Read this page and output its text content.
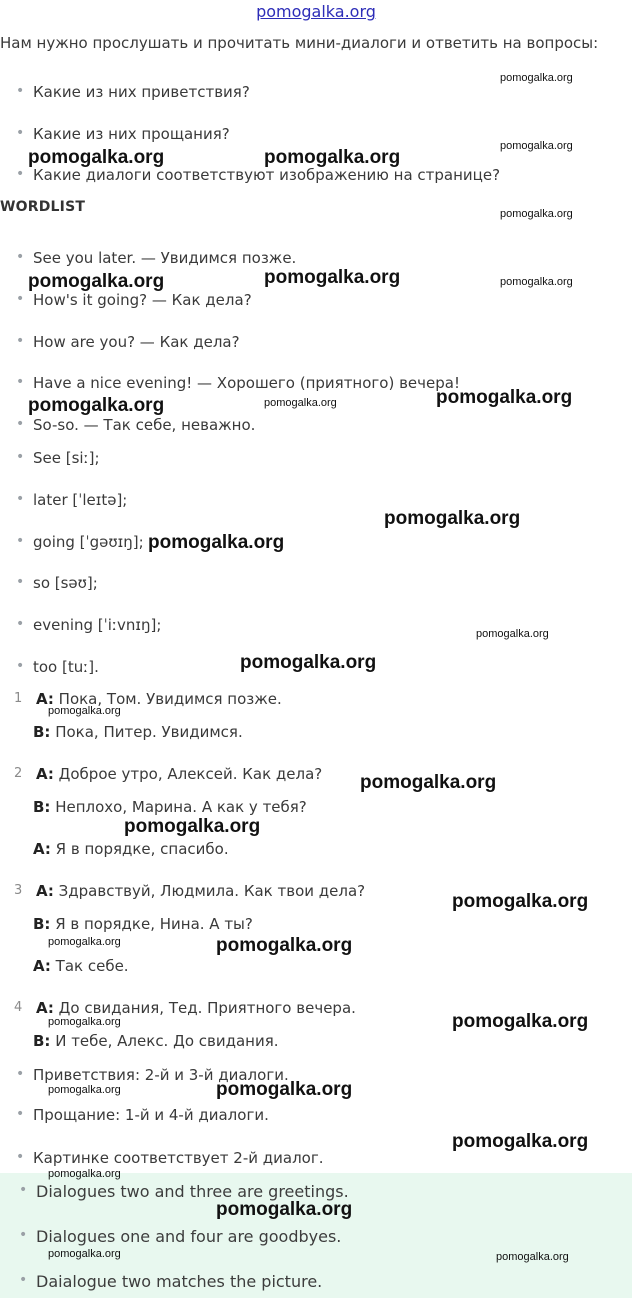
pomogalka.org
Нам нужно прослушать и прочитать мини-диалоги и ответить на вопросы:
• Какие из них приветствия?
• Какие из них прощания?
• Какие диалоги соответствуют изображению на странице?
WORDLIST
• See you later. — Увидимся позже.
• How's it going? — Как дела?
• How are you? — Как дела?
• Have a nice evening! — Хорошего (приятного) вечера!
• So-so. — Так себе, неважно.
• See [siː];
• later [ˈleɪtə];
• going [ˈgəʊɪŋ];
• so [səʊ];
• evening [ˈiːvnɪŋ];
• too [tuː].
1 A: Пока, Том. Увидимся позже.
B: Пока, Питер. Увидимся.
2 A: Доброе утро, Алексей. Как дела?
B: Неплохо, Марина. А как у тебя?
A: Я в порядке, спасибо.
3 A: Здравствуй, Людмила. Как твои дела?
B: Я в порядке, Нина. А ты?
A: Так себе.
4 A: До свидания, Тед. Приятного вечера.
B: И тебе, Алекс. До свидания.
• Приветствия: 2-й и 3-й диалоги.
• Прощание: 1-й и 4-й диалоги.
• Картинке соответствует 2-й диалог.
• Dialogues two and three are greetings.
• Dialogues one and four are goodbyes.
• Daialogue two matches the picture.
pomogalka.org	pomogalka.org
pomogalka.org	pomogalka.org
pomogalka.org	pomogalka.org
pomogalka.org
pomogalka.org
pomogalka.org
pomogalka.org
pomogalka.org
pomogalka.org
pomogalka.org
pomogalka.org
pomogalka.org
pomogalka.org
pomogalka.org
pomogalka.org
pomogalka.org
pomogalka.org
pomogalka.org
pomogalka.org
pomogalka.org
pomogalka.org
pomogalka.org
pomogalka.org
pomogalka.org
pomogalka.org
pomogalka.org	pomogalka.org
